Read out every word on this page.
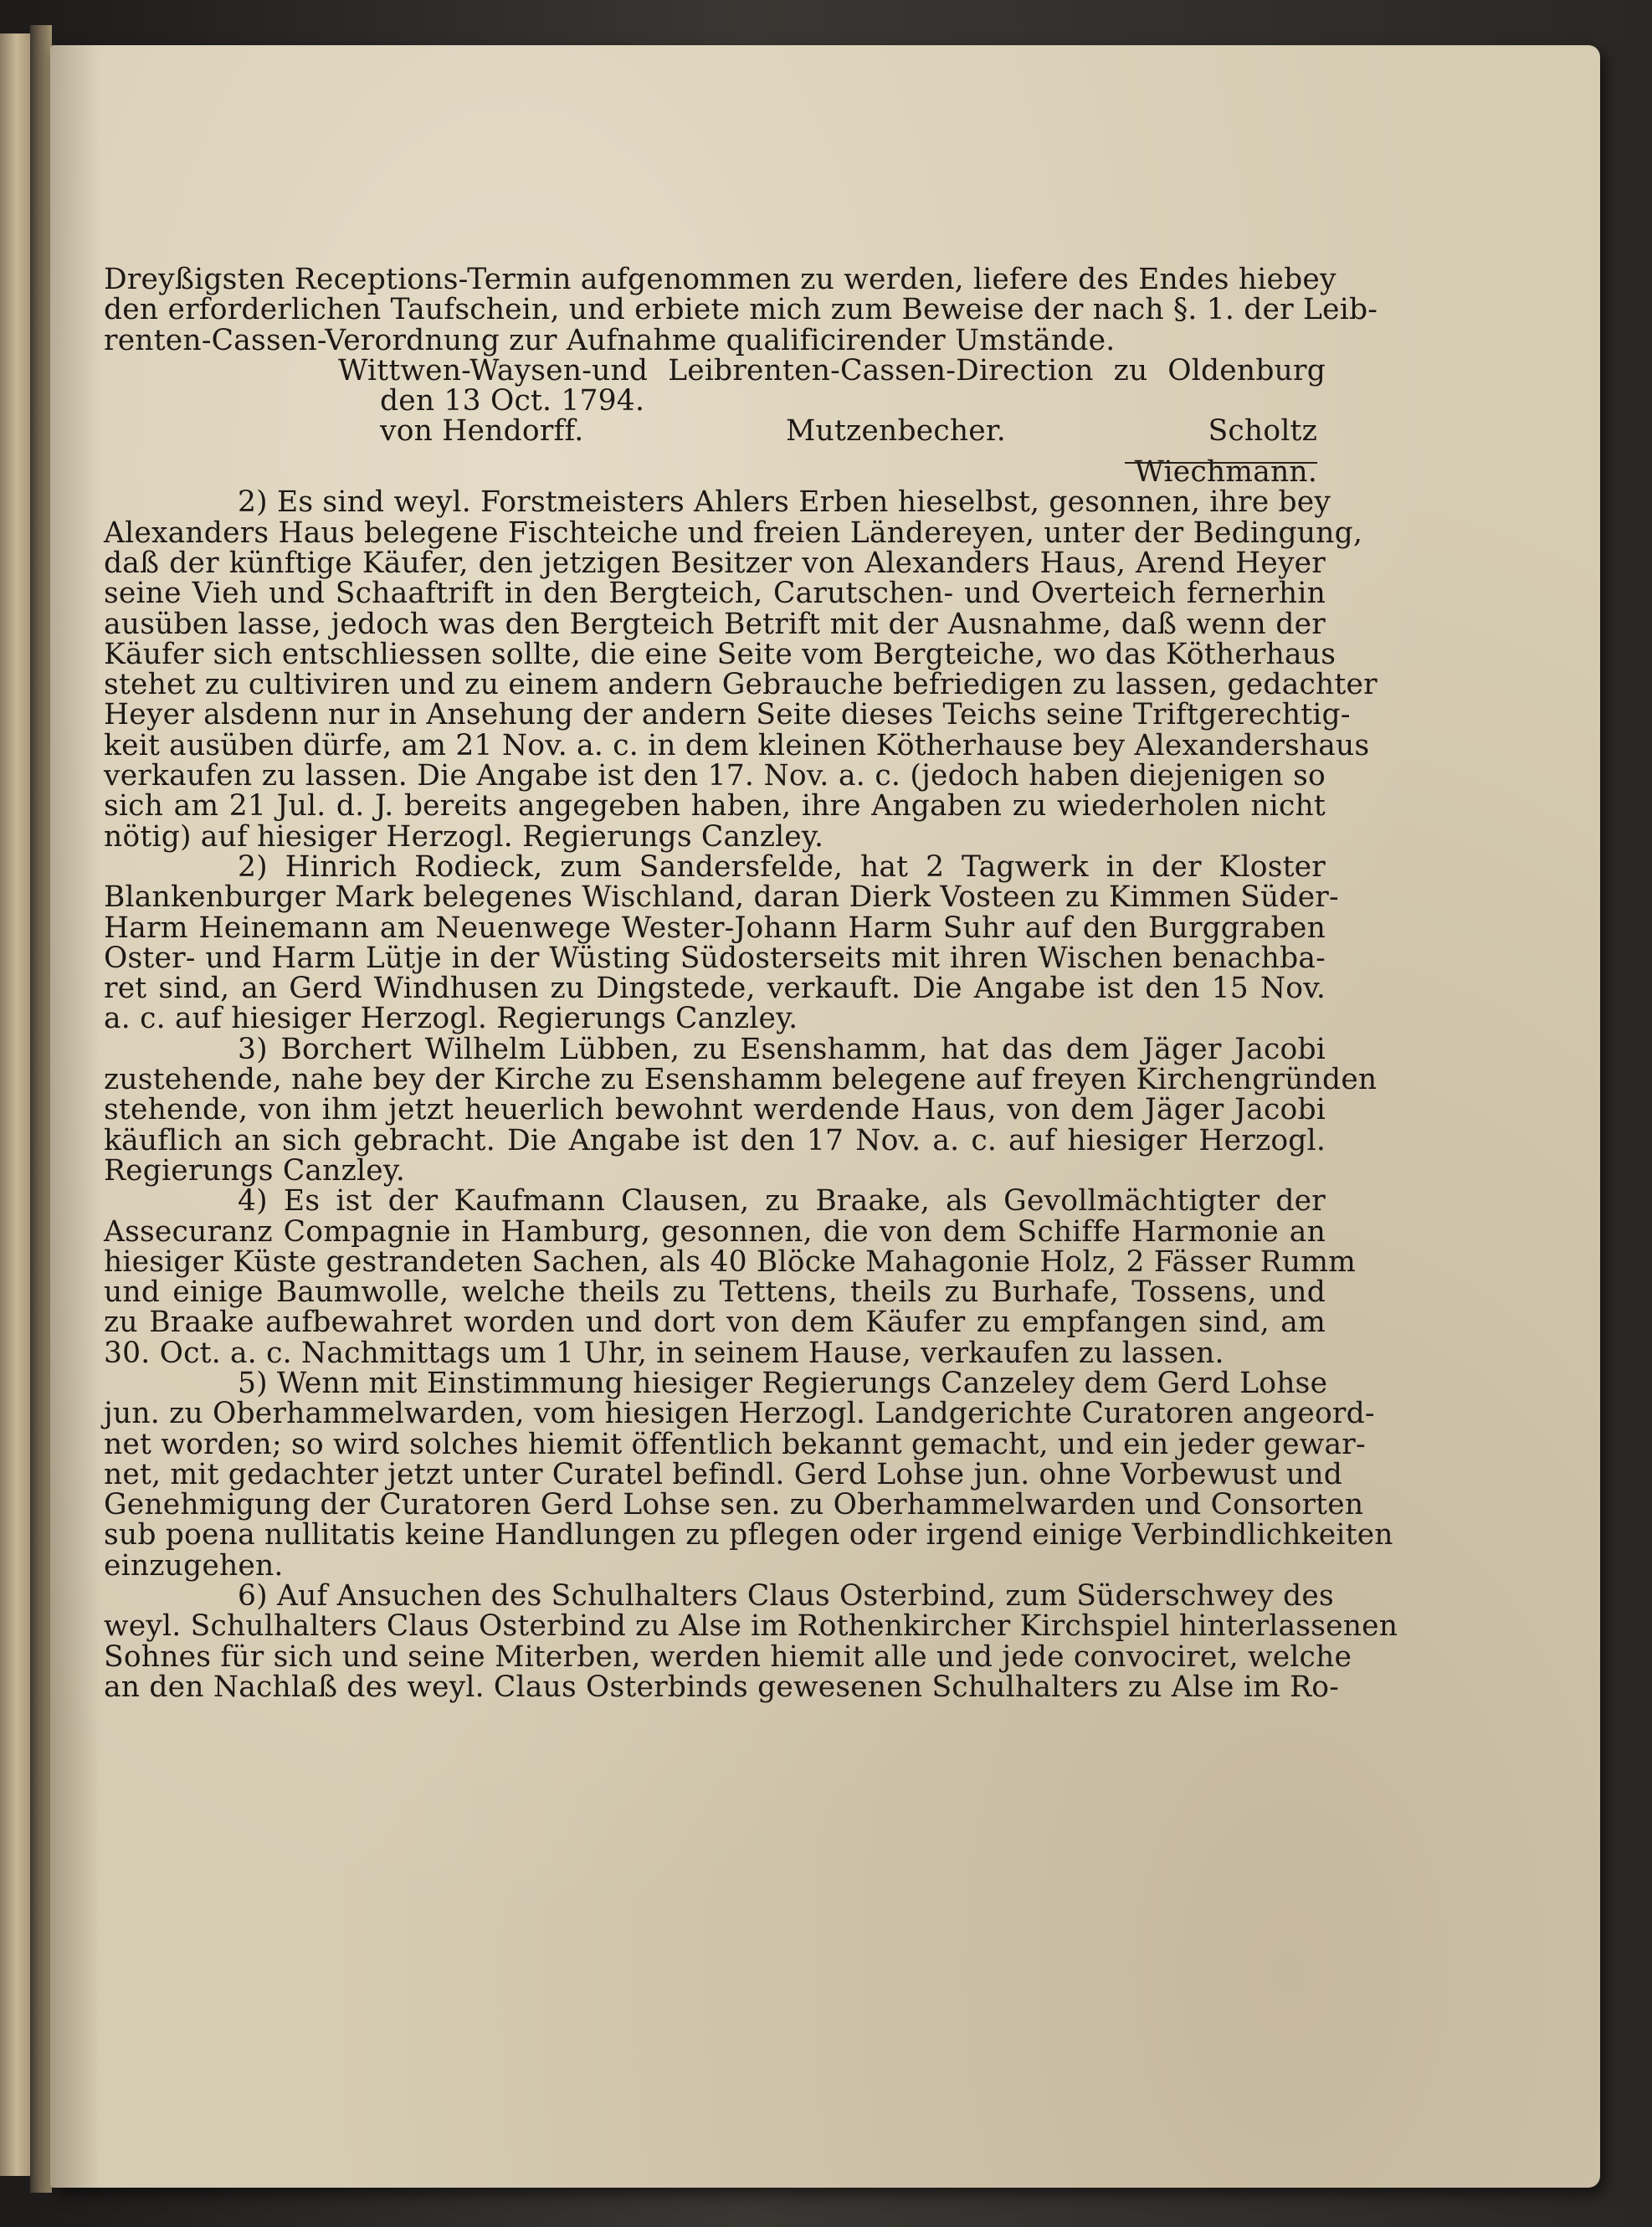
Dreyßigsten Receptions-Termin aufgenommen zu werden, liefere des Endes hiebey
den erforderlichen Taufschein, und erbiete mich zum Beweise der nach §. 1. der Leib-
renten-Cassen-Verordnung zur Aufnahme qualificirender Umstände.
Wittwen-Waysen-und Leibrenten-Cassen-Direction zu Oldenburg
den 13 Oct. 1794.
von Hendorff.	Mutzenbecher.	Scholtz
Wiechmann.
2) Es sind weyl. Forstmeisters Ahlers Erben hieselbst, gesonnen, ihre bey
Alexanders Haus belegene Fischteiche und freien Ländereyen, unter der Bedingung,
daß der künftige Käufer, den jetzigen Besitzer von Alexanders Haus, Arend Heyer
seine Vieh und Schaaftrift in den Bergteich, Carutschen- und Overteich fernerhin
ausüben lasse, jedoch was den Bergteich Betrift mit der Ausnahme, daß wenn der
Käufer sich entschliessen sollte, die eine Seite vom Bergteiche, wo das Kötherhaus
stehet zu cultiviren und zu einem andern Gebrauche befriedigen zu lassen, gedachter
Heyer alsdenn nur in Ansehung der andern Seite dieses Teichs seine Triftgerechtig-
keit ausüben dürfe, am 21 Nov. a. c. in dem kleinen Kötherhause bey Alexandershaus
verkaufen zu lassen. Die Angabe ist den 17. Nov. a. c. (jedoch haben diejenigen so
sich am 21 Jul. d. J. bereits angegeben haben, ihre Angaben zu wiederholen nicht
nötig) auf hiesiger Herzogl. Regierungs Canzley.
2) Hinrich Rodieck, zum Sandersfelde, hat 2 Tagwerk in der Kloster
Blankenburger Mark belegenes Wischland, daran Dierk Vosteen zu Kimmen Süder-
Harm Heinemann am Neuenwege Wester-Johann Harm Suhr auf den Burggraben
Oster- und Harm Lütje in der Wüsting Südosterseits mit ihren Wischen benachba-
ret sind, an Gerd Windhusen zu Dingstede, verkauft. Die Angabe ist den 15 Nov.
a. c. auf hiesiger Herzogl. Regierungs Canzley.
3) Borchert Wilhelm Lübben, zu Esenshamm, hat das dem Jäger Jacobi
zustehende, nahe bey der Kirche zu Esenshamm belegene auf freyen Kirchengründen
stehende, von ihm jetzt heuerlich bewohnt werdende Haus, von dem Jäger Jacobi
käuflich an sich gebracht. Die Angabe ist den 17 Nov. a. c. auf hiesiger Herzogl.
Regierungs Canzley.
4) Es ist der Kaufmann Clausen, zu Braake, als Gevollmächtigter der
Assecuranz Compagnie in Hamburg, gesonnen, die von dem Schiffe Harmonie an
hiesiger Küste gestrandeten Sachen, als 40 Blöcke Mahagonie Holz, 2 Fässer Rumm
und einige Baumwolle, welche theils zu Tettens, theils zu Burhafe, Tossens, und
zu Braake aufbewahret worden und dort von dem Käufer zu empfangen sind, am
30. Oct. a. c. Nachmittags um 1 Uhr, in seinem Hause, verkaufen zu lassen.
5) Wenn mit Einstimmung hiesiger Regierungs Canzeley dem Gerd Lohse
jun. zu Oberhammelwarden, vom hiesigen Herzogl. Landgerichte Curatoren angeord-
net worden; so wird solches hiemit öffentlich bekannt gemacht, und ein jeder gewar-
net, mit gedachter jetzt unter Curatel befindl. Gerd Lohse jun. ohne Vorbewust und
Genehmigung der Curatoren Gerd Lohse sen. zu Oberhammelwarden und Consorten
sub poena nullitatis keine Handlungen zu pflegen oder irgend einige Verbindlichkeiten
einzugehen.
6) Auf Ansuchen des Schulhalters Claus Osterbind, zum Süderschwey des
weyl. Schulhalters Claus Osterbind zu Alse im Rothenkircher Kirchspiel hinterlassenen
Sohnes für sich und seine Miterben, werden hiemit alle und jede convociret, welche
an den Nachlaß des weyl. Claus Osterbinds gewesenen Schulhalters zu Alse im Ro-
